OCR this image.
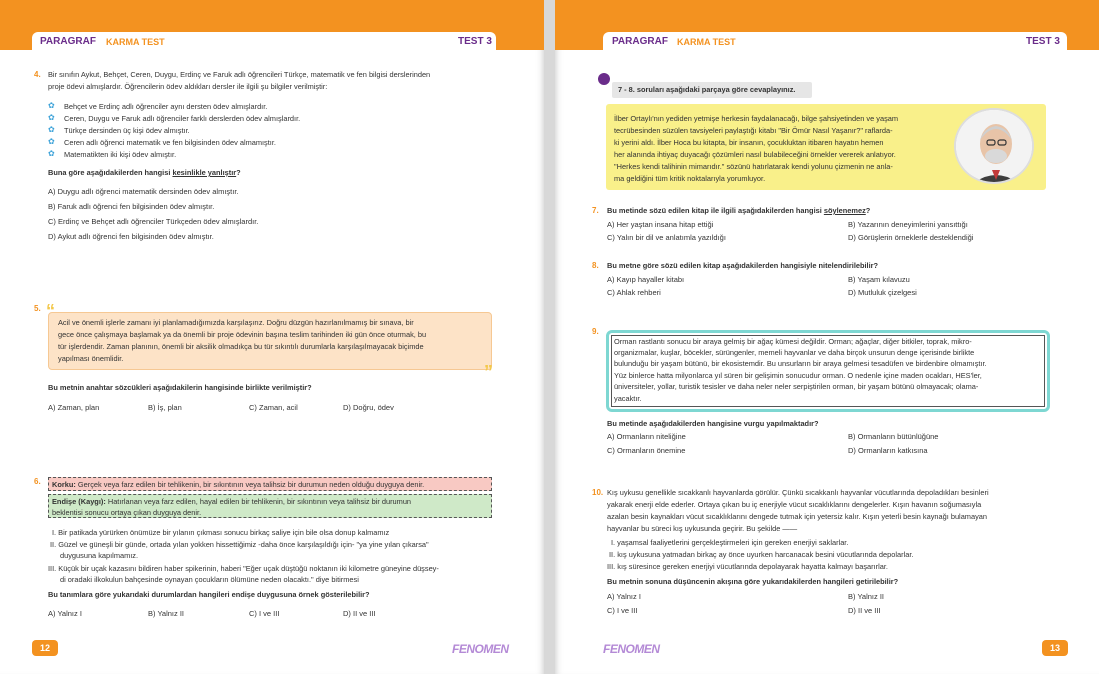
PARAGRAF KARMA TEST	TEST 3
4. Bir sınıfın Aykut, Behçet, Ceren, Duygu, Erdinç ve Faruk adlı öğrencileri Türkçe, matematik ve fen bilgisi derslerinden
proje ödevi almışlardır. Öğrencilerin ödev aldıkları dersler ile ilgili şu bilgiler verilmiştir:
✿ Behçet ve Erdinç adlı öğrenciler aynı dersten ödev almışlardır.
✿ Ceren, Duygu ve Faruk adlı öğrenciler farklı derslerden ödev almışlardır.
✿ Türkçe dersinden üç kişi ödev almıştır.
✿ Ceren adlı öğrenci matematik ve fen bilgisinden ödev almamıştır.
✿ Matematikten iki kişi ödev almıştır.
Buna göre aşağıdakilerden hangisi kesinlikle yanlıştır?
A) Duygu adlı öğrenci matematik dersinden ödev almıştır.
B) Faruk adlı öğrenci fen bilgisinden ödev almıştır.
C) Erdinç ve Behçet adlı öğrenciler Türkçeden ödev almışlardır.
D) Aykut adlı öğrenci fen bilgisinden ödev almıştır.
5. “
”
Acil ve önemli işlerle zamanı iyi planlamadığımızda karşılaşırız. Doğru düzgün hazırlanılmamış bir sınava, bir
gece önce çalışmaya başlamak ya da önemli bir proje ödevinin başına teslim tarihinden iki gün önce oturmak, bu
tür işlerdendir. Zaman planının, önemli bir aksilik olmadıkça bu tür sıkıntılı durumlarla karşılaşılmayacak biçimde
yapılması önemlidir.
Bu metnin anahtar sözcükleri aşağıdakilerin hangisinde birlikte verilmiştir?
A) Zaman, plan	B) İş, plan	C) Zaman, acil	D) Doğru, ödev
6. Korku: Gerçek veya farz edilen bir tehlikenin, bir sıkıntının veya talihsiz bir durumun neden olduğu duyguya denir.
Endişe (Kaygı): Hatırlanan veya farz edilen, hayal edilen bir tehlikenin, bir sıkıntının veya talihsiz bir durumun
beklentisi sonucu ortaya çıkan duyguya denir.
I. Bir patikada yürürken önümüze bir yılanın çıkması sonucu birkaç saliye için bile olsa donup kalmamız
II. Güzel ve güneşli bir günde, ortada yılan yokken hissettiğimiz -daha önce karşılaşıldığı için- "ya yine yılan çıkarsa"
duygusuna kapılmamız.
III. Küçük bir uçak kazasını bildiren haber spikerinin, haberi "Eğer uçak düştüğü noktanın iki kilometre güneyine düşsey-
di oradaki ilkokulun bahçesinde oynayan çocukların ölümüne neden olacaktı." diye bitirmesi
Bu tanımlara göre yukarıdaki durumlardan hangileri endişe duygusuna örnek gösterilebilir?
A) Yalnız I	B) Yalnız II	C) I ve III	D) II ve III
12	FENOMEN
PARAGRAF KARMA TEST	TEST 3
13
FENOMEN
7 - 8. soruları aşağıdaki parçaya göre cevaplayınız.
İlber Ortaylı'nın yediden yetmişe herkesin faydalanacağı, bilge şahsiyetinden ve yaşam
tecrübesinden süzülen tavsiyeleri paylaştığı kitabı "Bir Ömür Nasıl Yaşanır?" raflarda-
ki yerini aldı. İlber Hoca bu kitapta, bir insanın, çocukluktan itibaren hayatın hemen
her alanında ihtiyaç duyacağı çözümleri nasıl bulabileceğini örnekler vererek anlatıyor.
"Herkes kendi talihinin mimarıdır." sözünü hatırlatarak kendi yolunu çizmenin ne anla-
ma geldiğini tüm kritik noktalarıyla yorumluyor.
7. Bu metinde sözü edilen kitap ile ilgili aşağıdakilerden hangisi söylenemez?
A) Her yaştan insana hitap ettiği	B) Yazarının deneyimlerini yansıttığı
C) Yalın bir dil ve anlatımla yazıldığı	D) Görüşlerin örneklerle desteklendiği
8. Bu metne göre sözü edilen kitap aşağıdakilerden hangisiyle nitelendirilebilir?
A) Kayıp hayaller kitabı	B) Yaşam kılavuzu
C) Ahlak rehberi	D) Mutluluk çizelgesi
9.
Orman rastlantı sonucu bir araya gelmiş bir ağaç kümesi değildir. Orman; ağaçlar, diğer bitkiler, toprak, mikro-
organizmalar, kuşlar, böcekler, sürüngenler, memeli hayvanlar ve daha birçok unsurun denge içerisinde birlikte
bulunduğu bir yaşam bütünü, bir ekosistemdir. Bu unsurların bir araya gelmesi tesadüfen ve birdenbire olmamıştır.
Yüz binlerce hatta milyonlarca yıl süren bir gelişimin sonucudur orman. O nedenle içine maden ocakları, HES'ler,
üniversiteler, yollar, turistik tesisler ve daha neler neler serpiştirilen orman, bir yaşam bütünü olmayacak; olama-
yacaktır.
Bu metinde aşağıdakilerden hangisine vurgu yapılmaktadır?
A) Ormanların niteliğine	B) Ormanların bütünlüğüne
C) Ormanların önemine	D) Ormanların katkısına
10. Kış uykusu genellikle sıcakkanlı hayvanlarda görülür. Çünkü sıcakkanlı hayvanlar vücutlarında depoladıkları besinleri
yakarak enerji elde ederler. Ortaya çıkan bu iç enerjiyle vücut sıcaklıklarını dengelerler. Kışın havanın soğumasıyla
azalan besin kaynakları vücut sıcaklıklarını dengede tutmak için yetersiz kalır. Kışın yeterli besin kaynağı bulamayan
hayvanlar bu süreci kış uykusunda geçirir. Bu şekilde ——
I. yaşamsal faaliyetlerini gerçekleştirmeleri için gereken enerjiyi saklarlar.
II. kış uykusuna yatmadan birkaç ay önce uyurken harcanacak besini vücutlarında depolarlar.
III. kış süresince gereken enerjiyi vücutlarında depolayarak hayatta kalmayı başarırlar.
Bu metnin sonuna düşüncenin akışına göre yukarıdakilerden hangileri getirilebilir?
A) Yalnız I	B) Yalnız II
C) I ve III	D) II ve III
